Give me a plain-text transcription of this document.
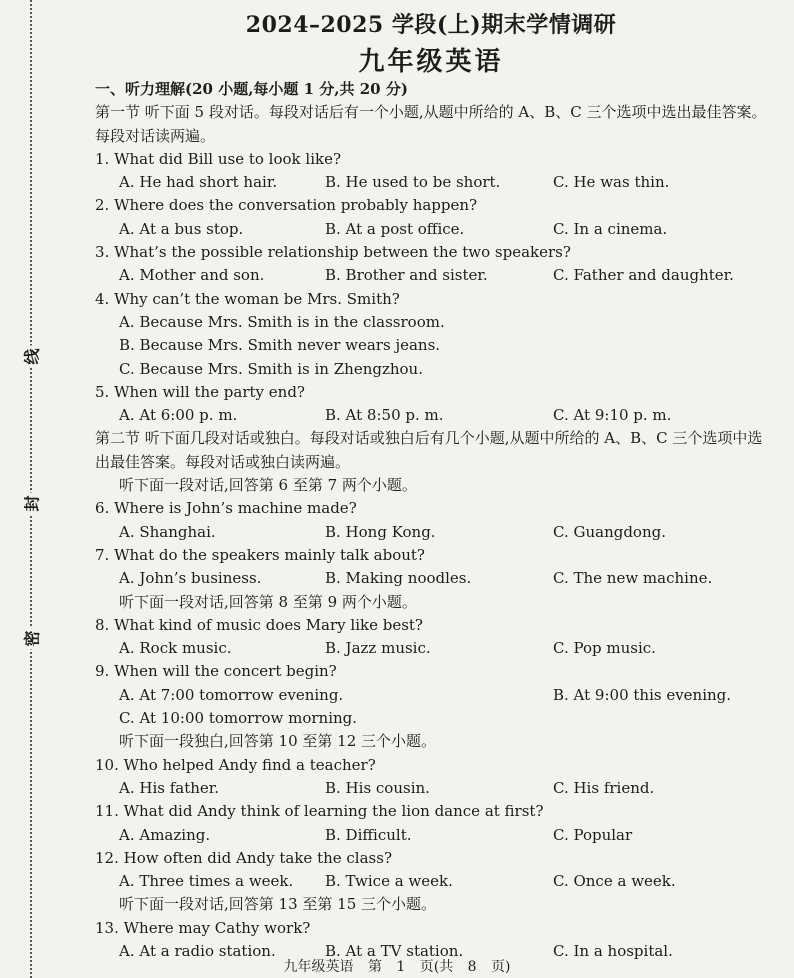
线
封
密
2024–2025 学段(上)期末学情调研
九年级英语
一、听力理解(20 小题,每小题 1 分,共 20 分)
第一节 听下面 5 段对话。每段对话后有一个小题,从题中所给的 A、B、C 三个选项中选出最佳答案。每段对话读两遍。
1. What did Bill use to look like?
A. He had short hair.	B. He used to be short.	C. He was thin.
2. Where does the conversation probably happen?
A. At a bus stop.	B. At a post office.	C. In a cinema.
3. What’s the possible relationship between the two speakers?
A. Mother and son.	B. Brother and sister.	C. Father and daughter.
4. Why can’t the woman be Mrs. Smith?
A. Because Mrs. Smith is in the classroom.
B. Because Mrs. Smith never wears jeans.
C. Because Mrs. Smith is in Zhengzhou.
5. When will the party end?
A. At 6:00 p. m.	B. At 8:50 p. m.	C. At 9:10 p. m.
第二节 听下面几段对话或独白。每段对话或独白后有几个小题,从题中所给的 A、B、C 三个选项中选出最佳答案。每段对话或独白读两遍。
听下面一段对话,回答第 6 至第 7 两个小题。
6. Where is John’s machine made?
A. Shanghai.	B. Hong Kong.	C. Guangdong.
7. What do the speakers mainly talk about?
A. John’s business.	B. Making noodles.	C. The new machine.
听下面一段对话,回答第 8 至第 9 两个小题。
8. What kind of music does Mary like best?
A. Rock music.	B. Jazz music.	C. Pop music.
9. When will the concert begin?
A. At 7:00 tomorrow evening.	B. At 9:00 this evening.
C. At 10:00 tomorrow morning.
听下面一段独白,回答第 10 至第 12 三个小题。
10. Who helped Andy find a teacher?
A. His father.	B. His cousin.	C. His friend.
11. What did Andy think of learning the lion dance at first?
A. Amazing.	B. Difficult.	C. Popular
12. How often did Andy take the class?
A. Three times a week.	B. Twice a week.	C. Once a week.
听下面一段对话,回答第 13 至第 15 三个小题。
13. Where may Cathy work?
A. At a radio station.	B. At a TV station.	C. In a hospital.
九年级英语 第 1 页(共 8 页)
